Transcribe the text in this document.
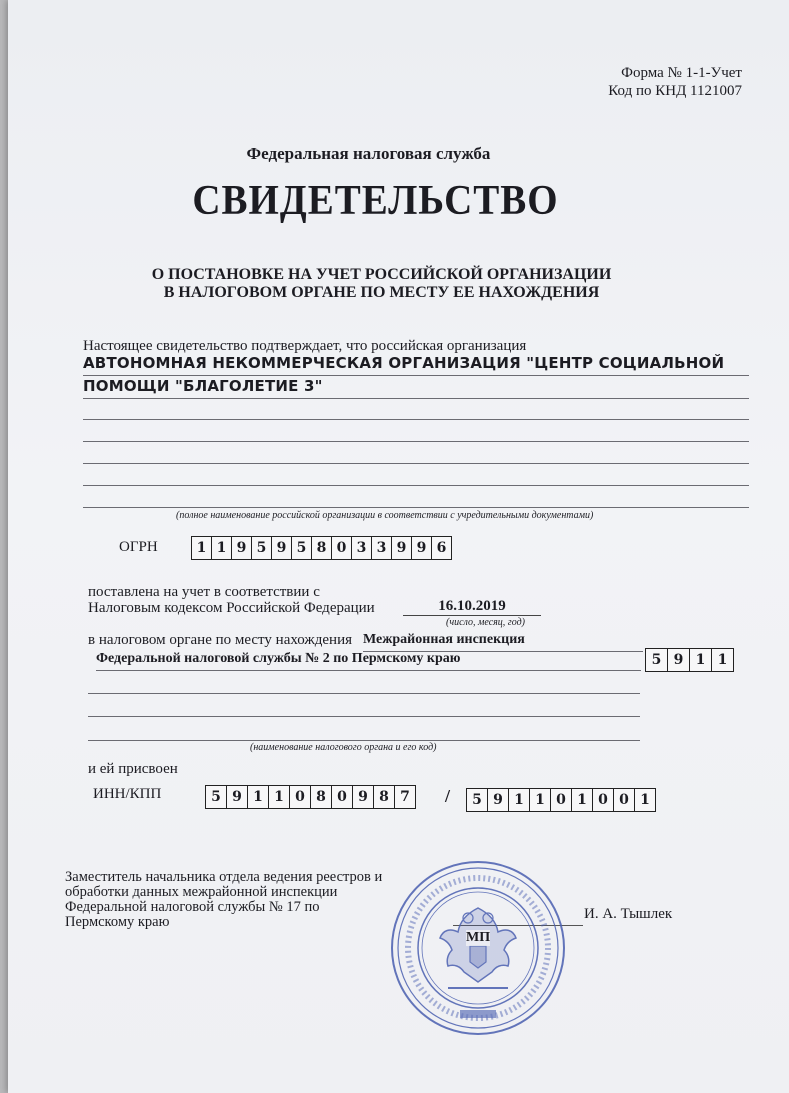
Форма № 1-1-Учет
Код по КНД 1121007
Федеральная налоговая служба
СВИДЕТЕЛЬСТВО
О ПОСТАНОВКЕ НА УЧЕТ РОССИЙСКОЙ ОРГАНИЗАЦИИ
В НАЛОГОВОМ ОРГАНЕ ПО МЕСТУ ЕЕ НАХОЖДЕНИЯ
Настоящее свидетельство подтверждает, что российская организация
АВТОНОМНАЯ НЕКОММЕРЧЕСКАЯ ОРГАНИЗАЦИЯ "ЦЕНТР СОЦИАЛЬНОЙ
ПОМОЩИ "БЛАГОЛЕТИЕ 3"
(полное наименование российской организации в соответствии с учредительными документами)
ОГРН	1 1 9 5 9 5 8 0 3 3 9 9 6
поставлена на учет в соответствии с
Налоговым кодексом Российской Федерации	16.10.2019
(число, месяц, год)
в налоговом органе по месту нахождения Межрайонная инспекция
Федеральной налоговой службы № 2 по Пермскому краю	5 9 1 1
(наименование налогового органа и его код)
и ей присвоен
ИНН/КПП	5 9 1 1 0 8 0 9 8 7 /	5 9 1 1 0 1 0 0 1
Заместитель начальника отдела ведения реестров и
обработки данных межрайонной инспекции
Федеральной налоговой службы № 17 по
Пермскому краю	И. А. Тышлек
МП
